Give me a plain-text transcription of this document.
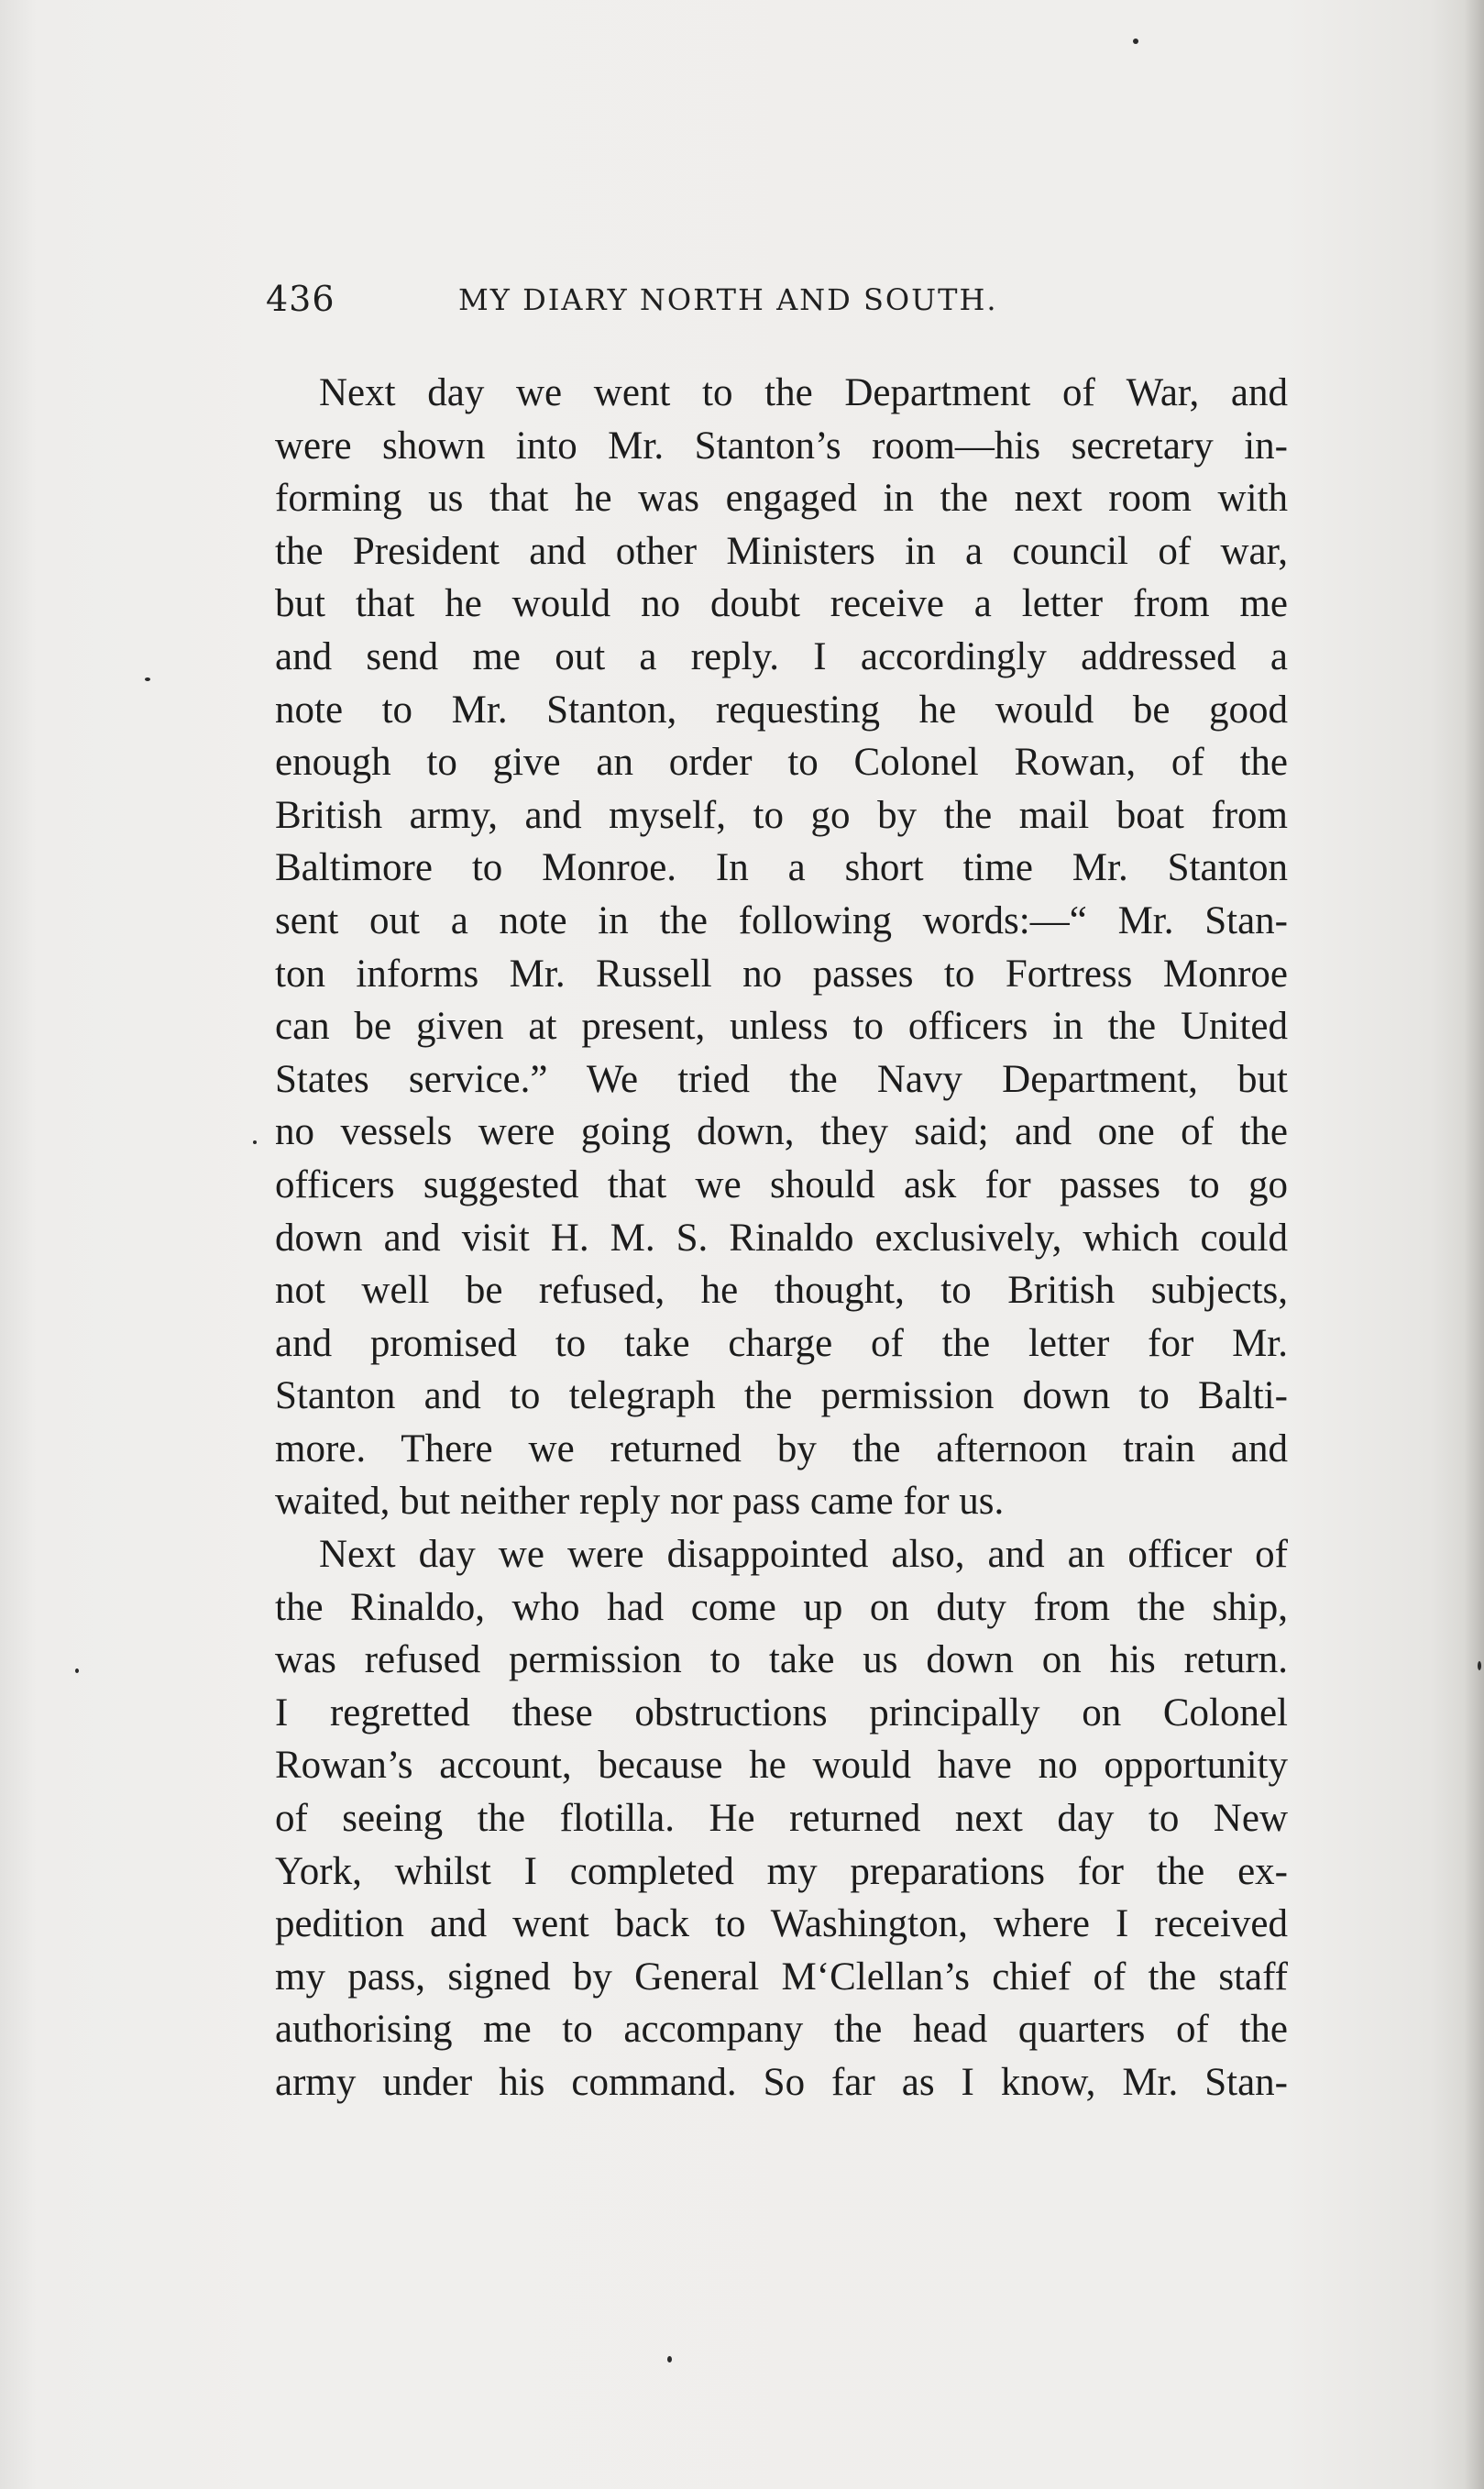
436	MY DIARY NORTH AND SOUTH.
Next day we went to the Department of War, and
were shown into Mr. Stanton’s room—his secretary in-
forming us that he was engaged in the next room with
the President and other Ministers in a council of war,
but that he would no doubt receive a letter from me
and send me out a reply. I accordingly addressed a
note to Mr. Stanton, requesting he would be good
enough to give an order to Colonel Rowan, of the
British army, and myself, to go by the mail boat from
Baltimore to Monroe. In a short time Mr. Stanton
sent out a note in the following words:—“ Mr. Stan-
ton informs Mr. Russell no passes to Fortress Monroe
can be given at present, unless to officers in the United
States service.” We tried the Navy Department, but
no vessels were going down, they said; and one of the
officers suggested that we should ask for passes to go
down and visit H. M. S. Rinaldo exclusively, which could
not well be refused, he thought, to British subjects,
and promised to take charge of the letter for Mr.
Stanton and to telegraph the permission down to Balti-
more. There we returned by the afternoon train and
waited, but neither reply nor pass came for us.
Next day we were disappointed also, and an officer of
the Rinaldo, who had come up on duty from the ship,
was refused permission to take us down on his return.
I regretted these obstructions principally on Colonel
Rowan’s account, because he would have no opportunity
of seeing the flotilla. He returned next day to New
York, whilst I completed my preparations for the ex-
pedition and went back to Washington, where I received
my pass, signed by General M‘Clellan’s chief of the staff
authorising me to accompany the head quarters of the
army under his command. So far as I know, Mr. Stan-
